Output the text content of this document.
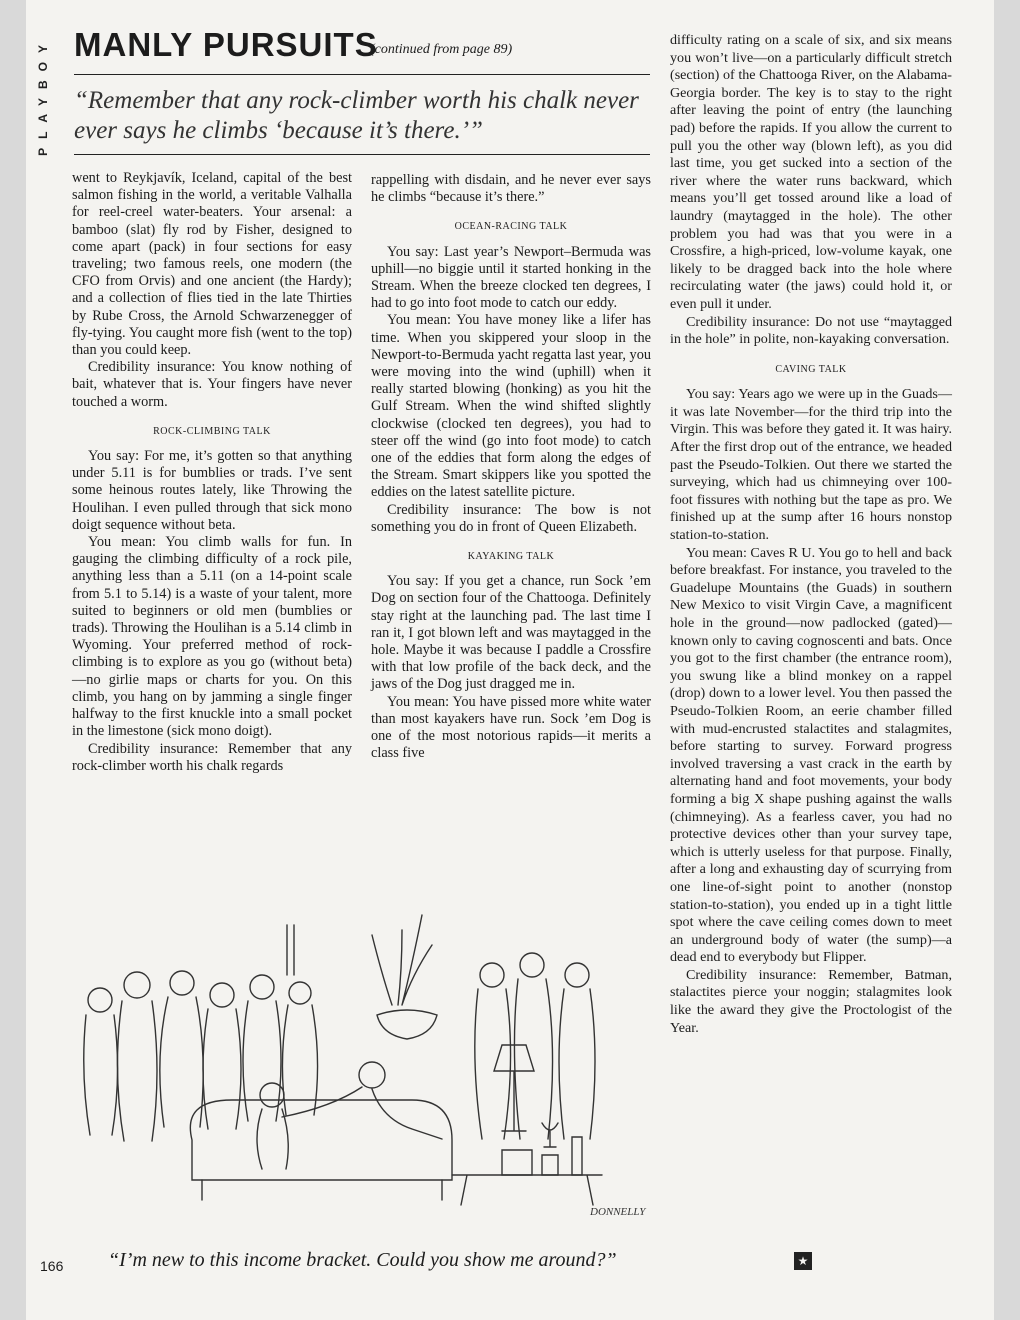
PLAYBOY MANLY PURSUITS
(continued from page 89)
“Remember that any rock-climber worth his chalk never ever says he climbs ‘because it’s there.’”

went to Reykjavík, Iceland, capital of the best salmon fishing in the world, a veritable Valhalla for reel-creel water-beaters. Your arsenal: a bamboo (slat) fly rod by Fisher, designed to come apart (pack) in four sections for easy traveling; two famous reels, one modern (the CFO from Orvis) and one ancient (the Hardy); and a collection of flies tied in the late Thirties by Rube Cross, the Arnold Schwarzenegger of fly-tying. You caught more fish (went to the top) than you could keep.

Credibility insurance: You know nothing of bait, whatever that is. Your fingers have never touched a worm.

ROCK-CLIMBING TALK

You say: For me, it’s gotten so that anything under 5.11 is for bumblies or trads. I’ve sent some heinous routes lately, like Throwing the Houlihan. I even pulled through that sick mono doigt sequence without beta.

You mean: You climb walls for fun. In gauging the climbing difficulty of a rock pile, anything less than a 5.11 (on a 14-point scale from 5.1 to 5.14) is a waste of your talent, more suited to beginners or old men (bumblies or trads). Throwing the Houlihan is a 5.14 climb in Wyoming. Your preferred method of rock-climbing is to explore as you go (without beta)—no girlie maps or charts for you. On this climb, you hang on by jamming a single finger halfway to the first knuckle into a small pocket in the limestone (sick mono doigt).

Credibility insurance: Remember that any rock-climber worth his chalk regards

rappelling with disdain, and he never ever says he climbs “because it’s there.”

OCEAN-RACING TALK

You say: Last year’s Newport–Bermuda was uphill—no biggie until it started honking in the Stream. When the breeze clocked ten degrees, I had to go into foot mode to catch our eddy.

You mean: You have money like a lifer has time. When you skippered your sloop in the Newport-to-Bermuda yacht regatta last year, you were moving into the wind (uphill) when it really started blowing (honking) as you hit the Gulf Stream. When the wind shifted slightly clockwise (clocked ten degrees), you had to steer off the wind (go into foot mode) to catch one of the eddies that form along the edges of the Stream. Smart skippers like you spotted the eddies on the latest satellite picture.

Credibility insurance: The bow is not something you do in front of Queen Elizabeth.

KAYAKING TALK

You say: If you get a chance, run Sock ’em Dog on section four of the Chattooga. Definitely stay right at the launching pad. The last time I ran it, I got blown left and was maytagged in the hole. Maybe it was because I paddle a Crossfire with that low profile of the back deck, and the jaws of the Dog just dragged me in.

You mean: You have pissed more white water than most kayakers have run. Sock ’em Dog is one of the most notorious rapids—it merits a class five

difficulty rating on a scale of six, and six means you won’t live—on a particularly difficult stretch (section) of the Chattooga River, on the Alabama-Georgia border. The key is to stay to the right after leaving the point of entry (the launching pad) before the rapids. If you allow the current to pull you the other way (blown left), as you did last time, you get sucked into a section of the river where the water runs backward, which means you’ll get tossed around like a load of laundry (maytagged in the hole). The other problem you had was that you were in a Crossfire, a high-priced, low-volume kayak, one likely to be dragged back into the hole where recirculating water (the jaws) could hold it, or even pull it under.

Credibility insurance: Do not use “maytagged in the hole” in polite, non-kayaking conversation.

CAVING TALK

You say: Years ago we were up in the Guads—it was late November—for the third trip into the Virgin. This was before they gated it. It was hairy. After the first drop out of the entrance, we headed past the Pseudo-Tolkien. Out there we started the surveying, which had us chimneying over 100-foot fissures with nothing but the tape as pro. We finished up at the sump after 16 hours nonstop station-to-station.

You mean: Caves R U. You go to hell and back before breakfast. For instance, you traveled to the Guadelupe Mountains (the Guads) in southern New Mexico to visit Virgin Cave, a magnificent hole in the ground—now padlocked (gated)—known only to caving cognoscenti and bats. Once you got to the first chamber (the entrance room), you swung like a blind monkey on a rappel (drop) down to a lower level. You then passed the Pseudo-Tolkien Room, an eerie chamber filled with mud-encrusted stalactites and stalagmites, before starting to survey. Forward progress involved traversing a vast crack in the earth by alternating hand and foot movements, your body forming a big X shape pushing against the walls (chimneying). As a fearless caver, you had no protective devices other than your survey tape, which is utterly useless for that purpose. Finally, after a long and exhausting day of scurrying from one line-of-sight point to another (nonstop station-to-station), you ended up in a tight little spot where the cave ceiling comes down to meet an underground body of water (the sump)—a dead end to everybody but Flipper.

Credibility insurance: Remember, Batman, stalactites pierce your noggin; stalagmites look like the award they give the Proctologist of the Year.

DONNELLY
“I’m new to this income bracket. Could you show me around?”
166	★
